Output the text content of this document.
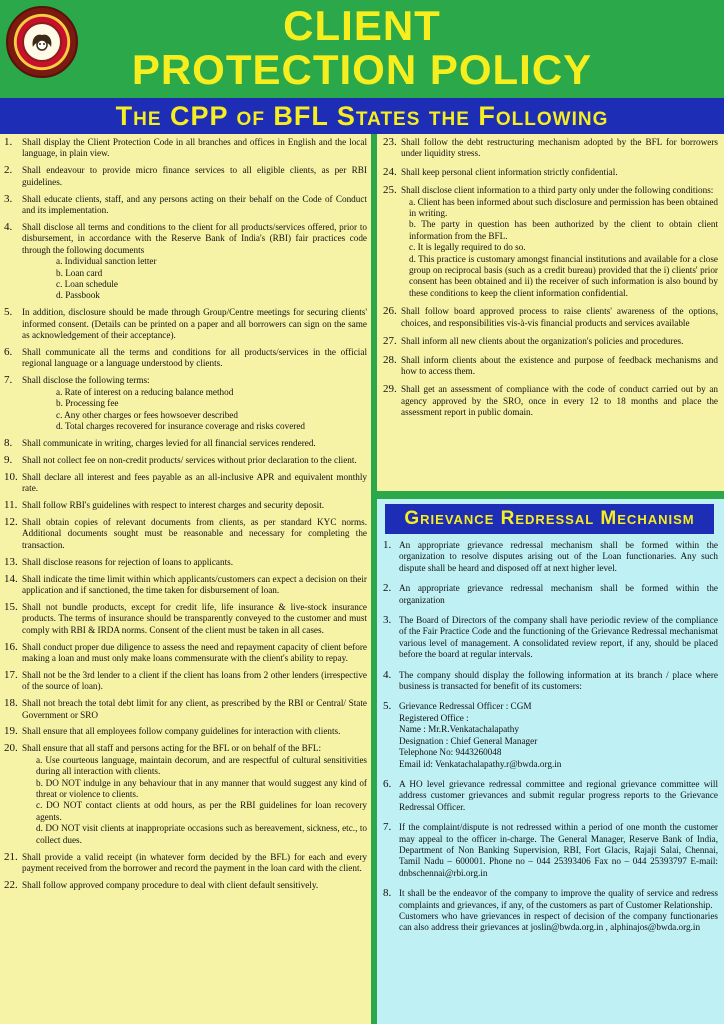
CLIENT
PROTECTION POLICY
The CPP of BFL States the Following
1.	Shall display the Client Protection Code in all branches and offices in English and the local language, in plain view.
2.	Shall endeavour to provide micro finance services to all eligible clients, as per RBI guidelines.
3.	Shall educate clients, staff, and any persons acting on their behalf on the Code of Conduct and its implementation.
4.	Shall disclose all terms and conditions to the client for all products/services offered, prior to disbursement, in accordance with the Reserve Bank of India's (RBI) fair practices code through the following documents
a. Individual sanction letter
b. Loan card
c. Loan schedule
d. Passbook
5.	In addition, disclosure should be made through Group/Centre meetings for securing clients' informed consent. (Details can be printed on a paper and all borrowers can sign on the same as acknowledgement of their acceptance).
6.	Shall communicate all the terms and conditions for all products/services in the official regional language or a language understood by clients.
7.	Shall disclose the following terms:
a. Rate of interest on a reducing balance method
b. Processing fee
c. Any other charges or fees howsoever described
d. Total charges recovered for insurance coverage and risks covered
8.	Shall communicate in writing, charges levied for all financial services rendered.
9.	Shall not collect fee on non-credit products/ services without prior declaration to the client.
10. Shall declare all interest and fees payable as an all-inclusive APR and equivalent monthly rate.
11. Shall follow RBI's guidelines with respect to interest charges and security deposit.
12. Shall obtain copies of relevant documents from clients, as per standard KYC norms. Additional documents sought must be reasonable and necessary for completing the transaction.
13. Shall disclose reasons for rejection of loans to applicants.
14. Shall indicate the time limit within which applicants/customers can expect a decision on their application and if sanctioned, the time taken for disbursement of loan.
15. Shall not bundle products, except for credit life, life insurance & live-stock insurance products. The terms of insurance should be transparently conveyed to the customer and must comply with RBI & IRDA norms. Consent of the client must be taken in all cases.
16. Shall conduct proper due diligence to assess the need and repayment capacity of client before making a loan and must only make loans commensurate with the client's ability to repay.
17. Shall not be the 3rd lender to a client if the client has loans from 2 other lenders (irrespective of the source of loan).
18. Shall not breach the total debt limit for any client, as prescribed by the RBI or Central/ State Government or SRO
19. Shall ensure that all employees follow company guidelines for interaction with clients.
20. Shall ensure that all staff and persons acting for the BFL or on behalf of the BFL:
a. Use courteous language, maintain decorum, and are respectful of cultural sensitivities during all interaction with clients.
b. DO NOT indulge in any behaviour that in any manner that would suggest any kind of threat or violence to clients.
c. DO NOT contact clients at odd hours, as per the RBI guidelines for loan recovery agents.
d. DO NOT visit clients at inappropriate occasions such as bereavement, sickness, etc., to collect dues.
21. Shall provide a valid receipt (in whatever form decided by the BFL) for each and every payment received from the borrower and record the payment in the loan card with the client.
22. Shall follow approved company procedure to deal with client default sensitively.
23. Shall follow the debt restructuring mechanism adopted by the BFL for borrowers under liquidity stress.
24. Shall keep personal client information strictly confidential.
25. Shall disclose client information to a third party only under the following conditions:
a. Client has been informed about such disclosure and permission has been obtained in writing.
b. The party in question has been authorized by the client to obtain client information from the BFL.
c. It is legally required to do so.
d. This practice is customary amongst financial institutions and available for a close group on reciprocal basis (such as a credit bureau) provided that the i) clients' prior consent has been obtained and ii) the receiver of such information is also bound by these conditions to keep the client information confidential.
26. Shall follow board approved process to raise clients' awareness of the options, choices, and responsibilities vis-à-vis financial products and services available
27. Shall inform all new clients about the organization's policies and procedures.
28. Shall inform clients about the existence and purpose of feedback mechanisms and how to access them.
29. Shall get an assessment of compliance with the code of conduct carried out by an agency approved by the SRO, once in every 12 to 18 months and place the assessment report in public domain.
Grievance Redressal Mechanism
1. An appropriate grievance redressal mechanism shall be formed within the organization to resolve disputes arising out of the Loan functionaries. Any such dispute shall be heard and disposed off at next higher level.
2. An appropriate grievance redressal mechanism shall be formed within the organization
3. The Board of Directors of the company shall have periodic review of the compliance of the Fair Practice Code and the functioning of the Grievance Redressal mechanismat various level of management. A consolidated review report, if any, should be placed before the board at regular intervals.
4. The company should display the following information at its branch / place where business is transacted for benefit of its customers:
5. Grievance Redressal Officer : CGM
Registered Office :
Name : Mr.R.Venkatachalapathy
Designation : Chief General Manager
Telephone No: 9443260048
Email id: Venkatachalapathy.r@bwda.org.in
6. A HO level grievance redressal committee and regional grievance committee will address customer grievances and submit regular progress reports to the Grievance Redressal Officer.
7. If the complaint/dispute is not redressed within a period of one month the customer may appeal to the officer in-charge. The General Manager, Reserve Bank of India, Department of Non Banking Supervision, RBI, Fort Glacis, Rajaji Salai, Chennai, Tamil Nadu – 600001. Phone no – 044 25393406 Fax no – 044 25393797 E-mail: dnbschennai@rbi.org.in
8. It shall be the endeavor of the company to improve the quality of service and redress complaints and grievances, if any, of the customers as part of Customer Relationship.
Customers who have grievances in respect of decision of the company functionaries can also address their grievances at joslin@bwda.org.in , alphinajos@bwda.org.in
